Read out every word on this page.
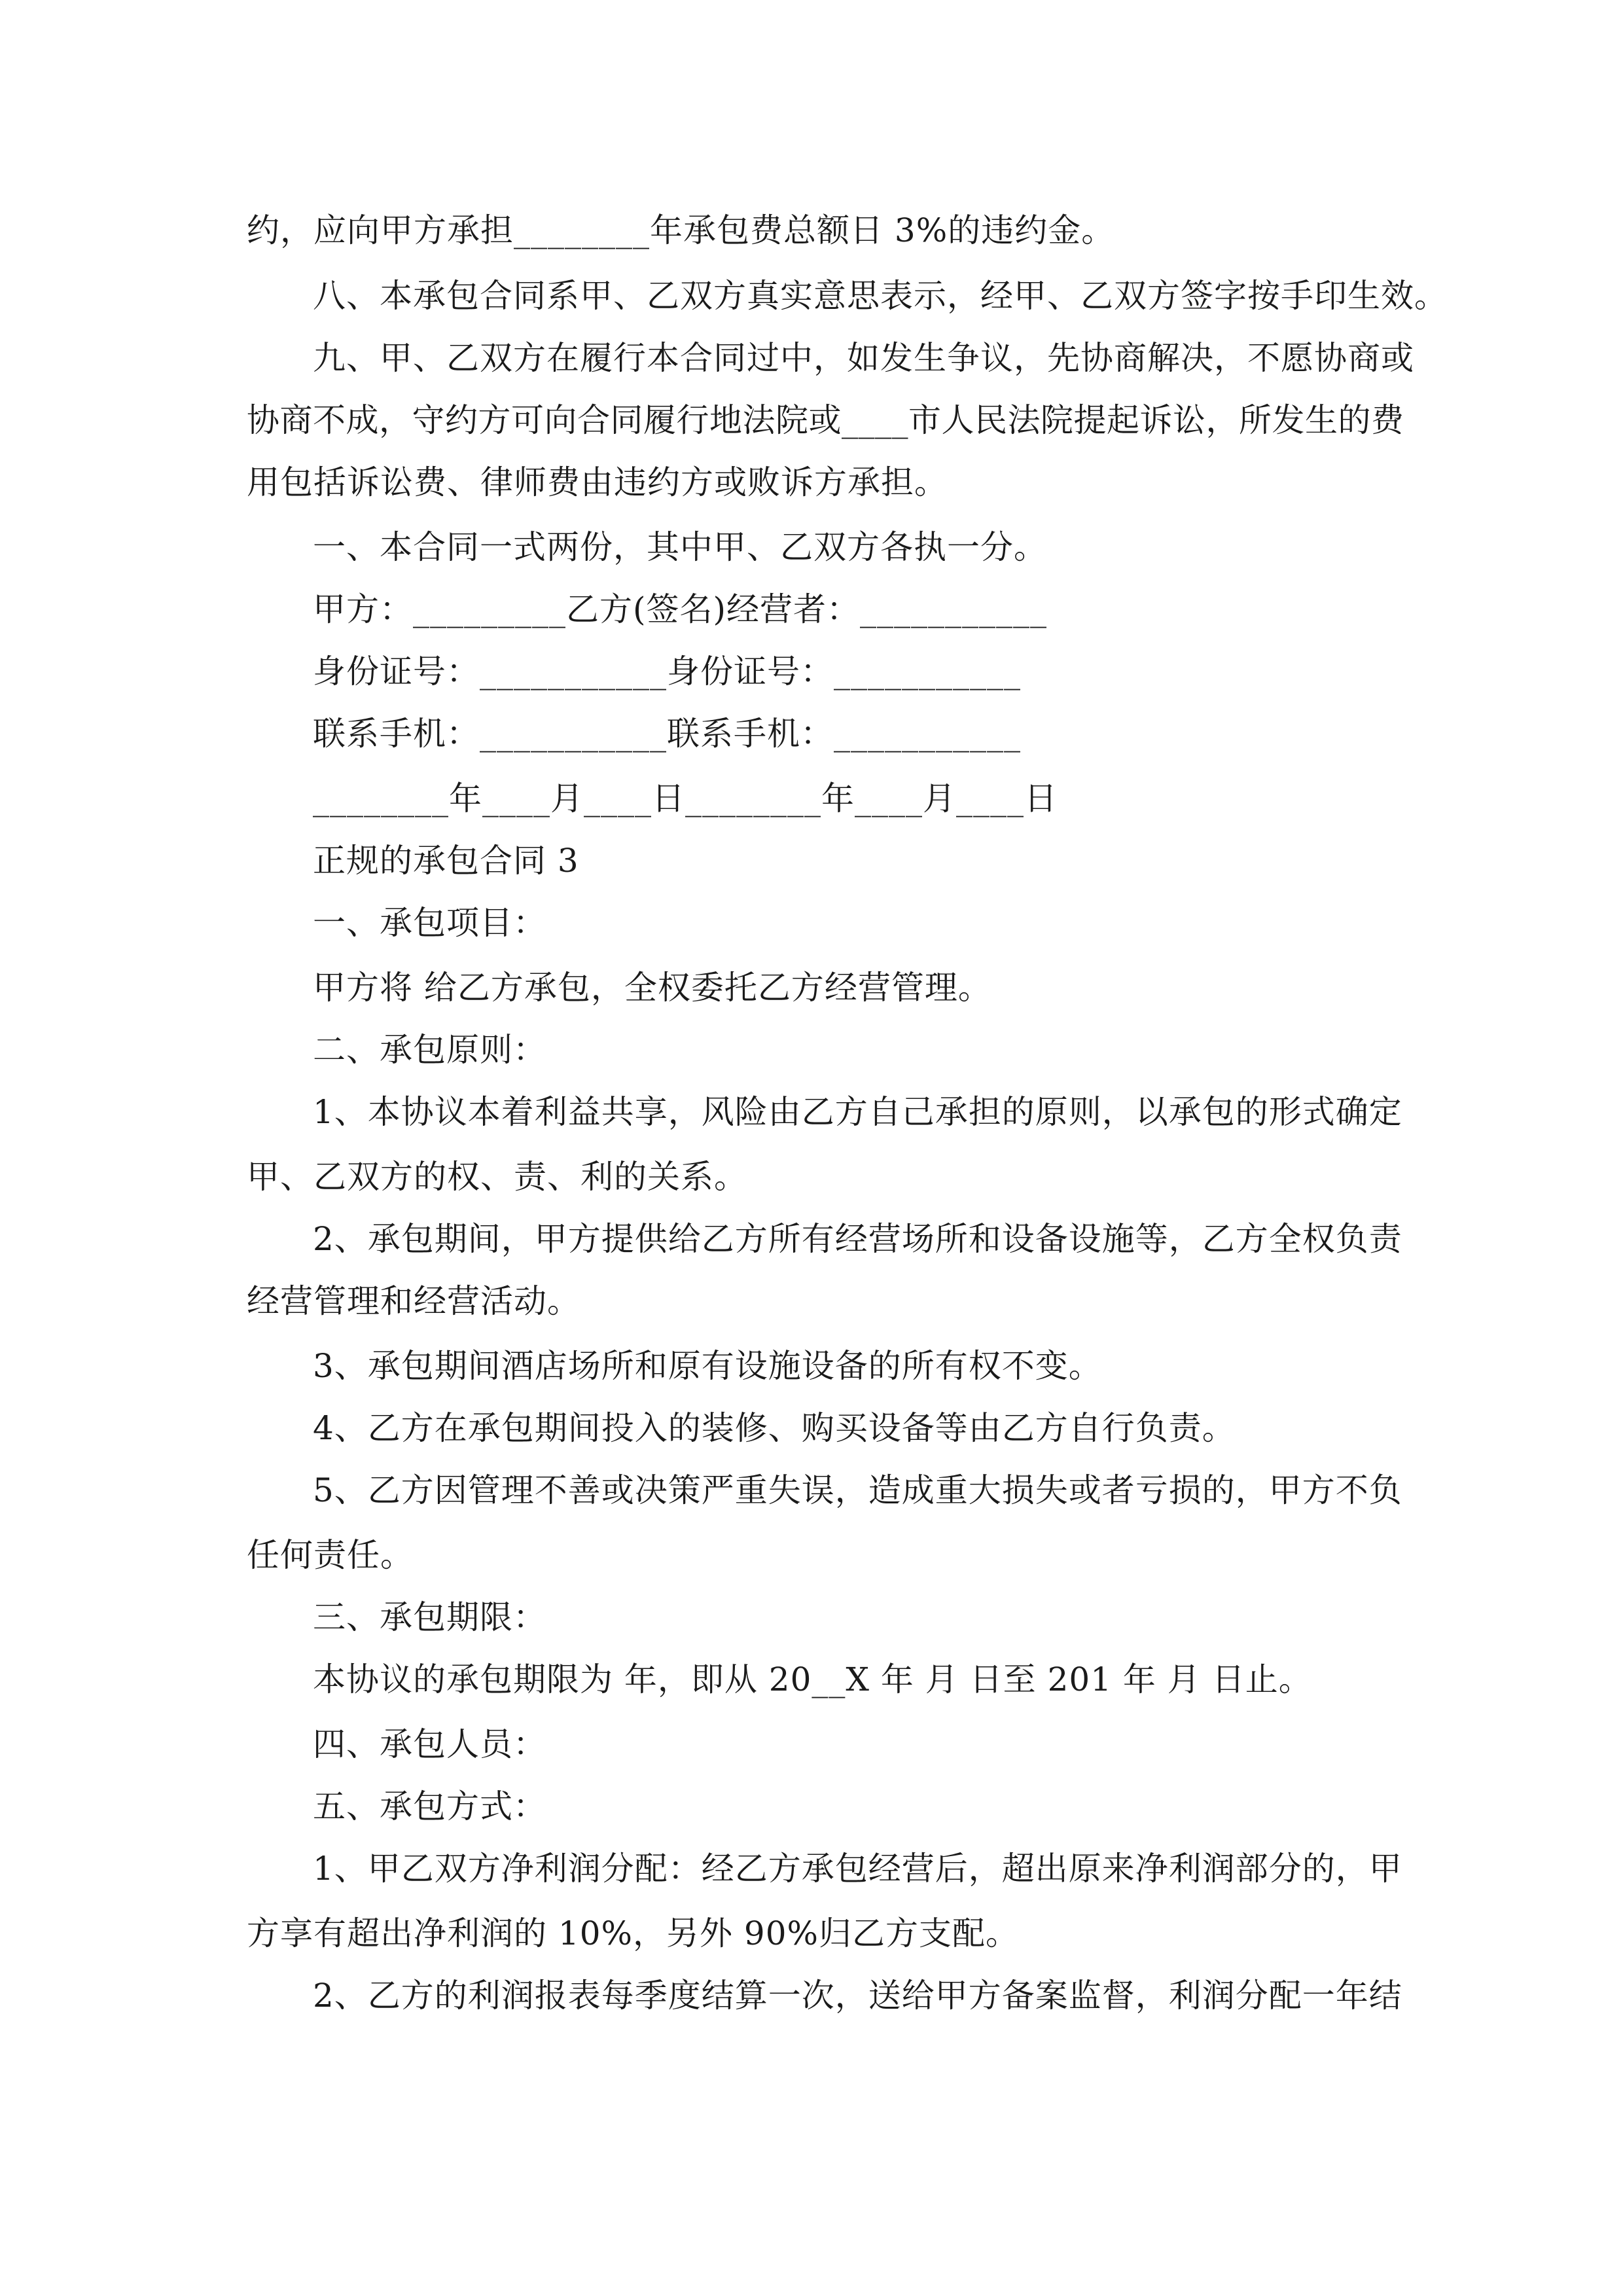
约，应向甲方承担________年承包费总额日 3%的违约金。
八、本承包合同系甲、乙双方真实意思表示，经甲、乙双方签字按手印生效。
九、甲、乙双方在履行本合同过中，如发生争议，先协商解决，不愿协商或
协商不成，守约方可向合同履行地法院或____市人民法院提起诉讼，所发生的费
用包括诉讼费、律师费由违约方或败诉方承担。
一、本合同一式两份，其中甲、乙双方各执一分。
甲方：_________乙方(签名)经营者：___________
身份证号：___________身份证号：___________
联系手机：___________联系手机：___________
________年____月____日________年____月____日
正规的承包合同 3
一、承包项目：
甲方将 给乙方承包，全权委托乙方经营管理。
二、承包原则：
1、本协议本着利益共享，风险由乙方自己承担的原则，以承包的形式确定
甲、乙双方的权、责、利的关系。
2、承包期间，甲方提供给乙方所有经营场所和设备设施等，乙方全权负责
经营管理和经营活动。
3、承包期间酒店场所和原有设施设备的所有权不变。
4、乙方在承包期间投入的装修、购买设备等由乙方自行负责。
5、乙方因管理不善或决策严重失误，造成重大损失或者亏损的，甲方不负
任何责任。
三、承包期限：
本协议的承包期限为 年，即从 20__X 年 月 日至 201 年 月 日止。
四、承包人员：
五、承包方式：
1、甲乙双方净利润分配：经乙方承包经营后，超出原来净利润部分的，甲
方享有超出净利润的 10%，另外 90%归乙方支配。
2、乙方的利润报表每季度结算一次，送给甲方备案监督，利润分配一年结
